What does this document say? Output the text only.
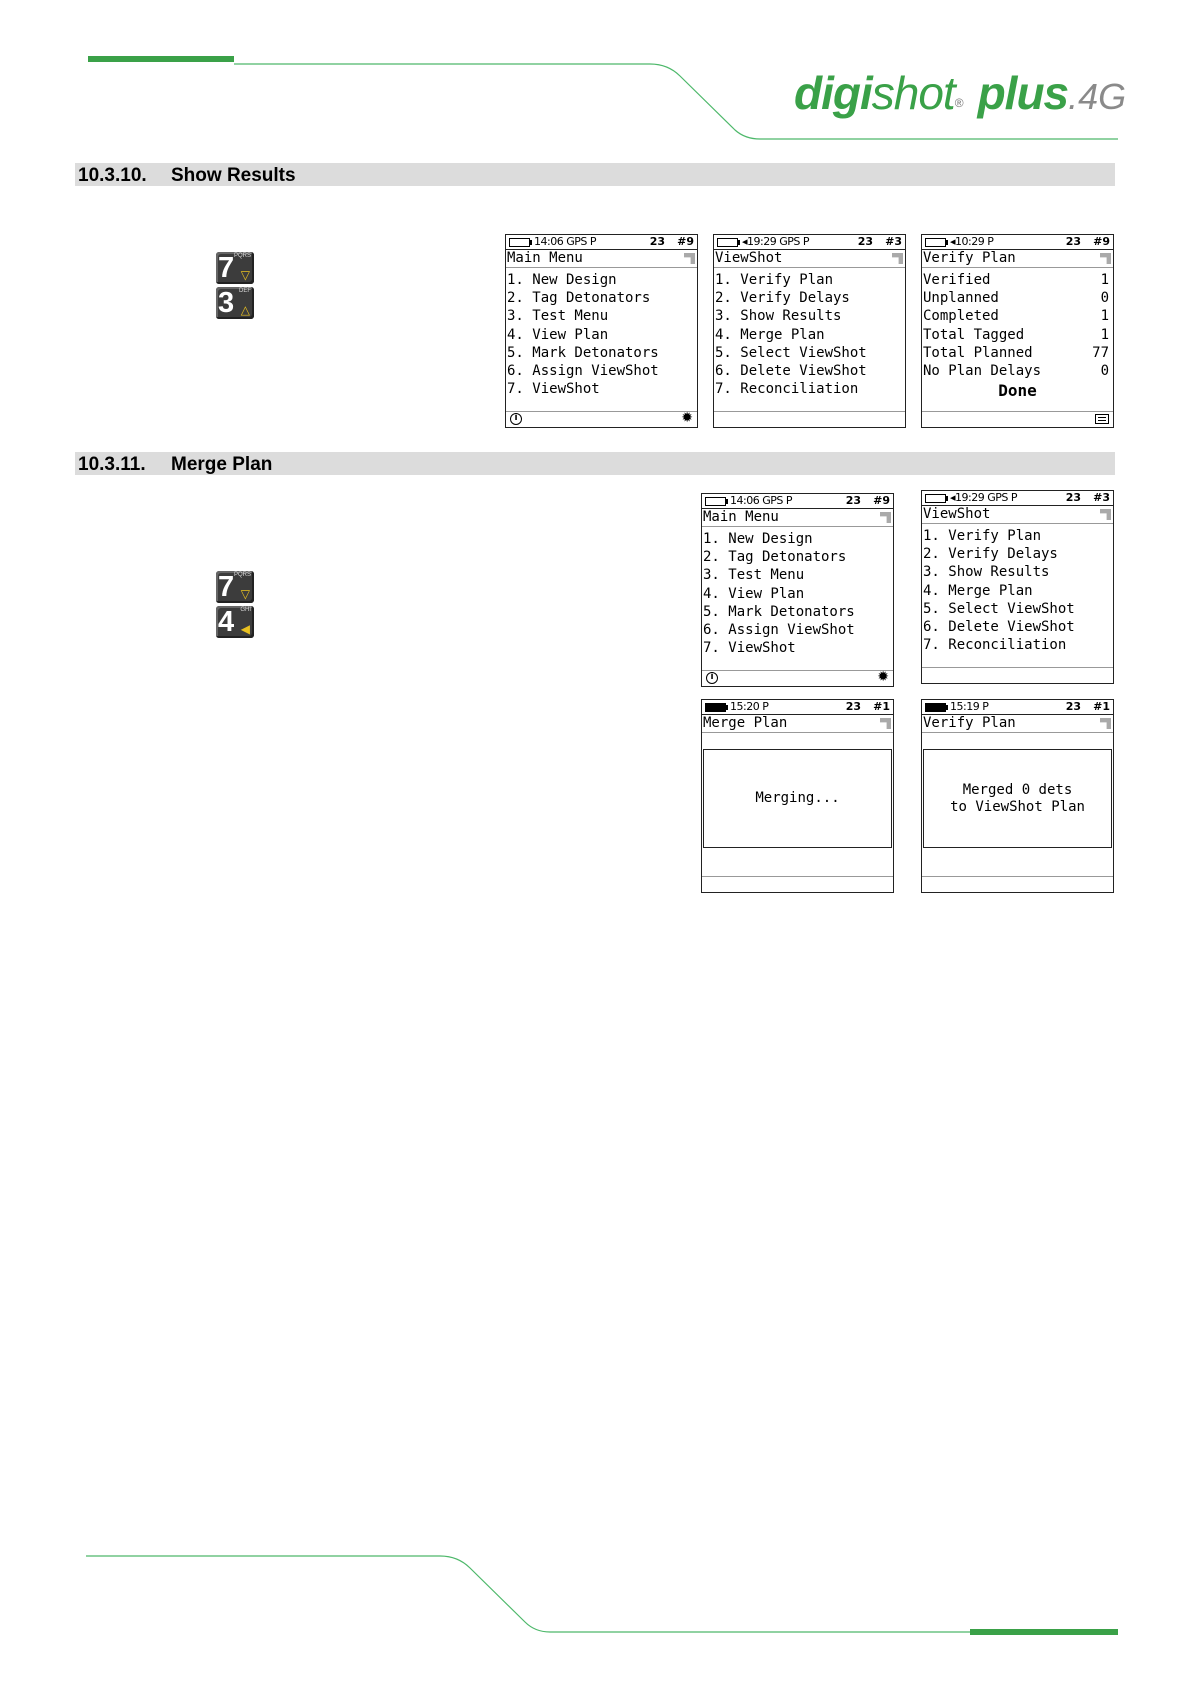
digishot® plus.4G
10.3.10. Show Results
7 PQRS
▽
3 DEF
△
14:06 GPS P	23 #9
Main Menu
1. New Design
2. Tag Detonators
3. Test Menu
4. View Plan
5. Mark Detonators
6. Assign ViewShot
7. ViewShot
i	✹
◂19:29 GPS P	23 #3
ViewShot
1. Verify Plan
2. Verify Delays
3. Show Results
4. Merge Plan
5. Select ViewShot
6. Delete ViewShot
7. Reconciliation
◂10:29 P	23 #9
Verify Plan
Verified	1
Unplanned	0
Completed	1
Total Tagged	1
Total Planned	77
No Plan Delays	0
Done
10.3.11. Merge Plan
7 PQRS
▽
4 GHI
◀
14:06 GPS P	23 #9
Main Menu
1. New Design
2. Tag Detonators
3. Test Menu
4. View Plan
5. Mark Detonators
6. Assign ViewShot
7. ViewShot
i	✹
◂19:29 GPS P	23 #3
ViewShot
1. Verify Plan
2. Verify Delays
3. Show Results
4. Merge Plan
5. Select ViewShot
6. Delete ViewShot
7. Reconciliation
15:20 P	23 #1
Merge Plan
Merging...
15:19 P	23 #1
Verify Plan
Merged 0 dets
to ViewShot Plan
